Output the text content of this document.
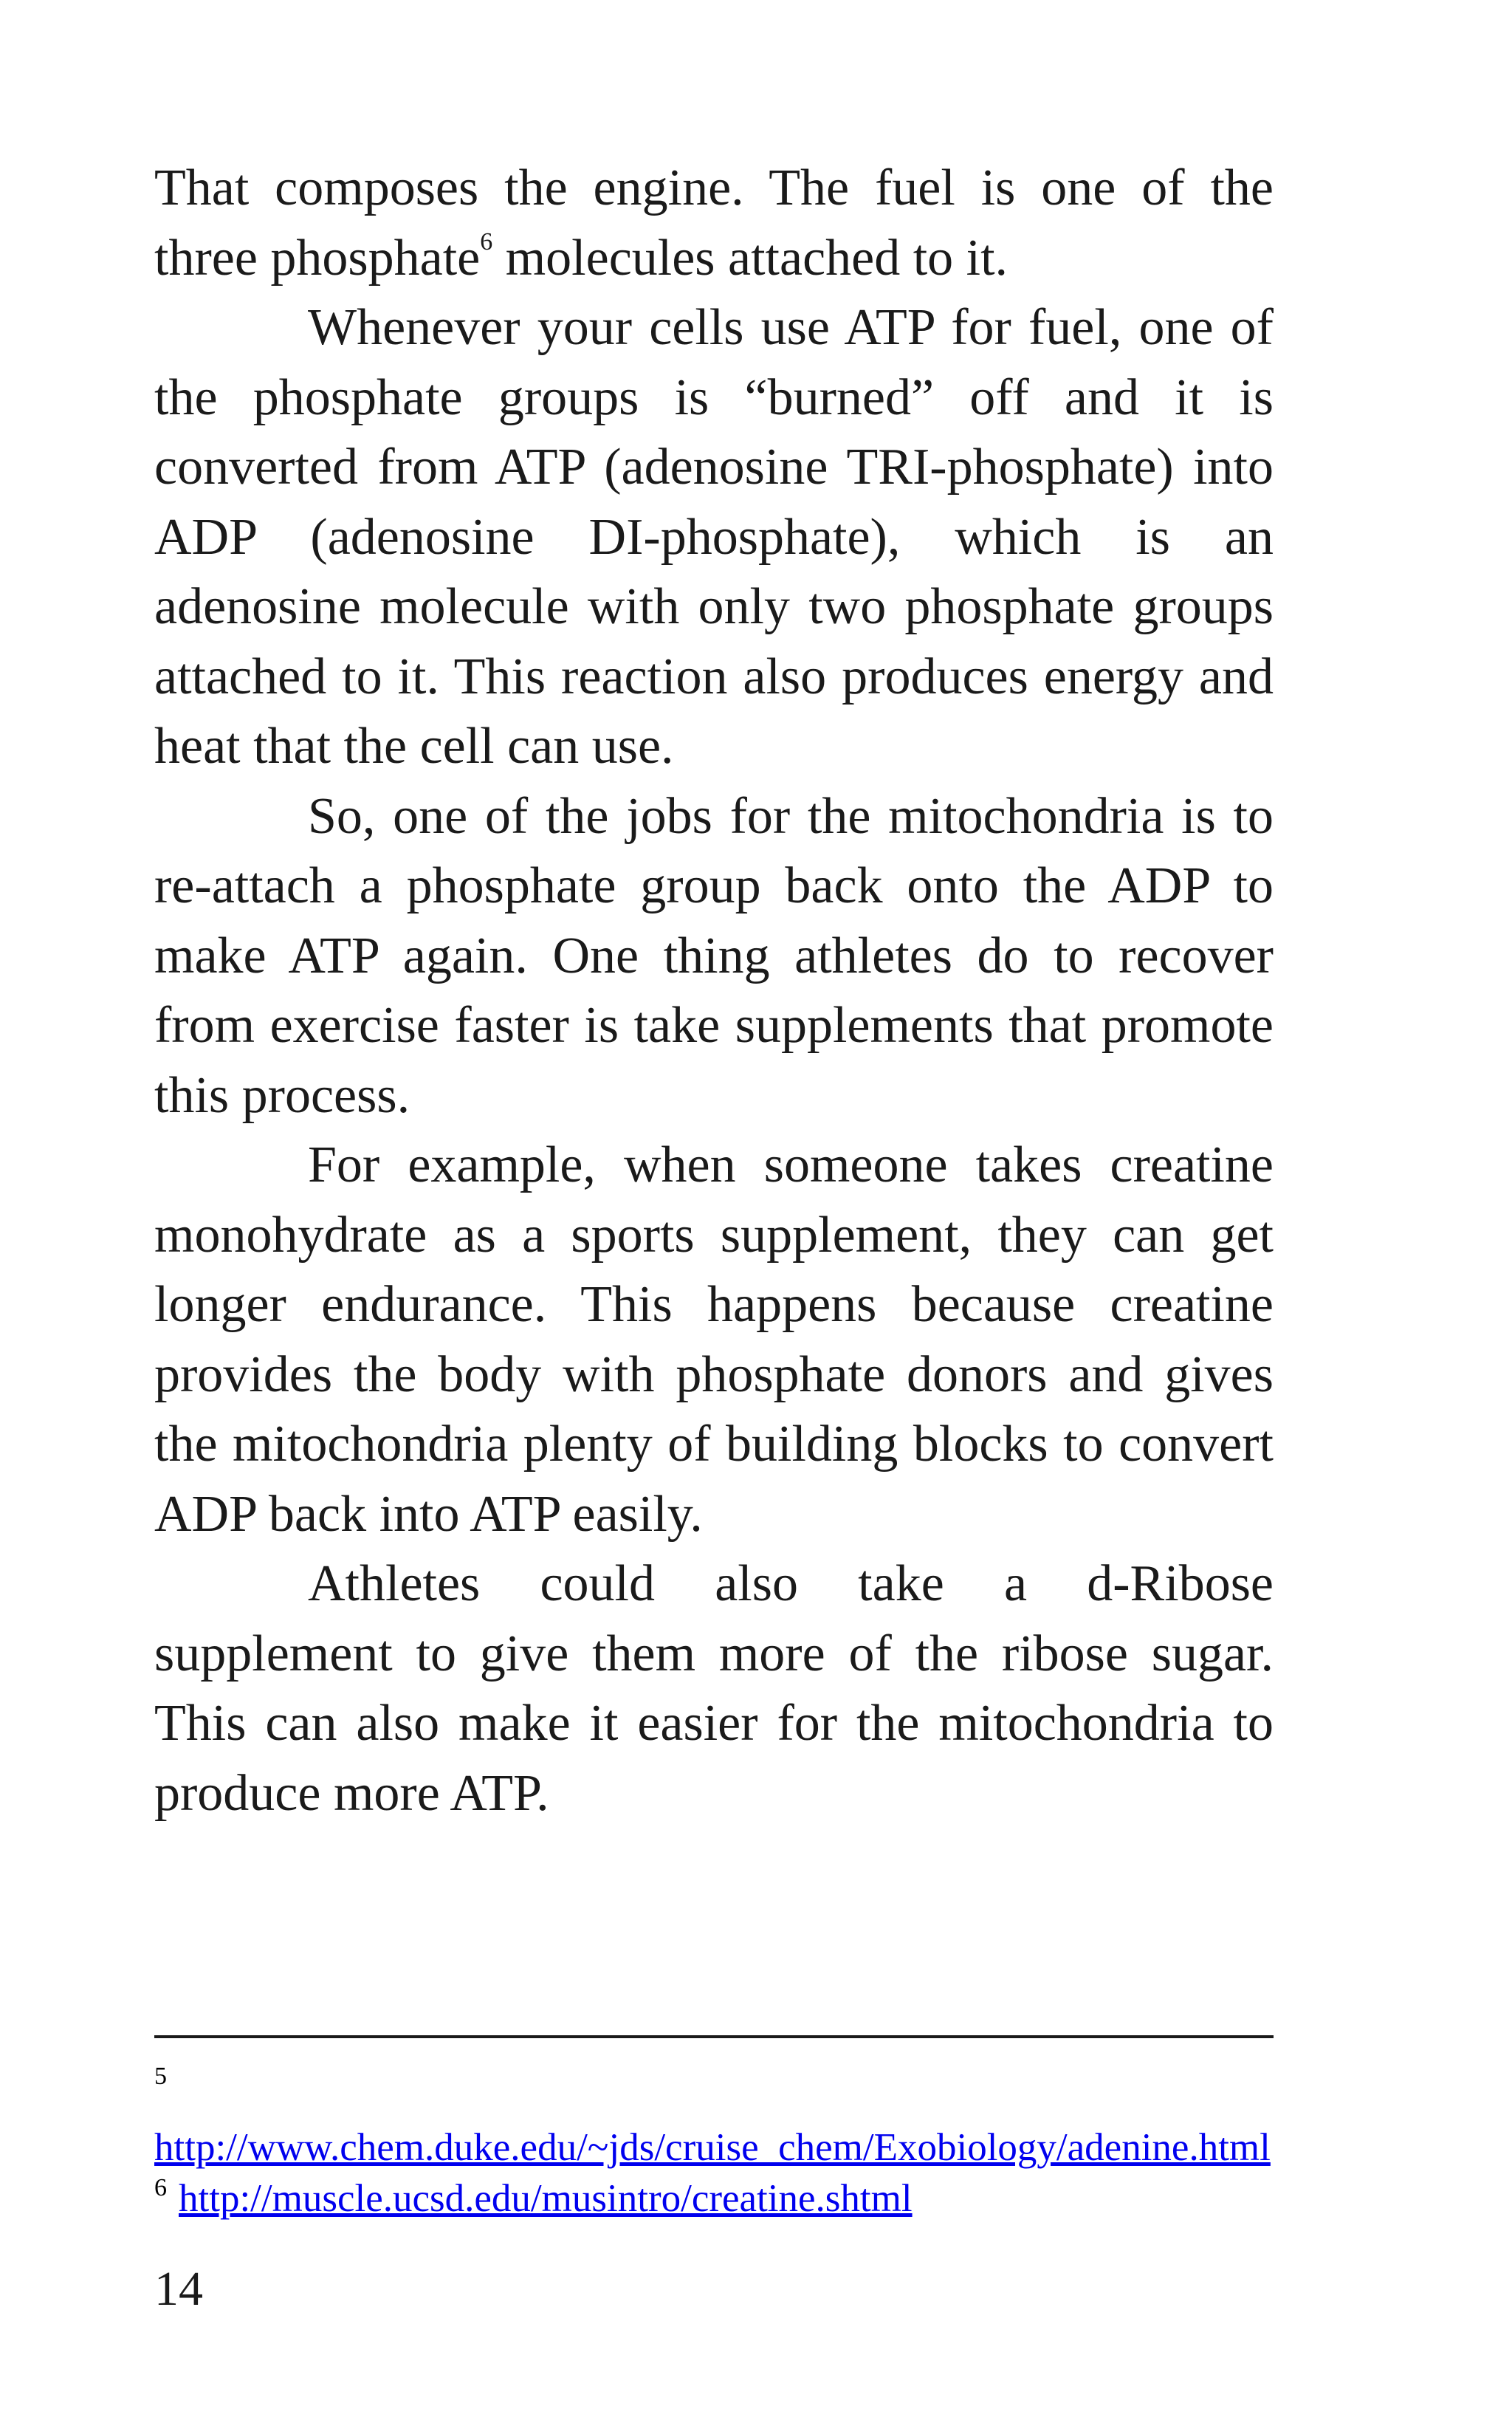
That composes the engine. The fuel is one of the three phosphate$^6$ molecules attached to it.

Whenever your cells use ATP for fuel, one of the phosphate groups is “burned” off and it is converted from ATP (adenosine TRI-phosphate) into ADP (adenosine DI-phosphate), which is an adenosine molecule with only two phosphate groups attached to it. This reaction also produces energy and heat that the cell can use.

So, one of the jobs for the mitochondria is to re-attach a phosphate group back onto the ADP to make ATP again. One thing athletes do to recover from exercise faster is take supplements that promote this process.

For example, when someone takes creatine monohydrate as a sports supplement, they can get longer endurance. This happens because creatine provides the body with phosphate donors and gives the mitochondria plenty of building blocks to convert ADP back into ATP easily.

Athletes could also take a d-Ribose supplement to give them more of the ribose sugar. This can also make it easier for the mitochondria to produce more ATP.

5
http://www.chem.duke.edu/~jds/cruise_chem/Exobiology/adenine.html
6 http://muscle.ucsd.edu/musintro/creatine.shtml
14
